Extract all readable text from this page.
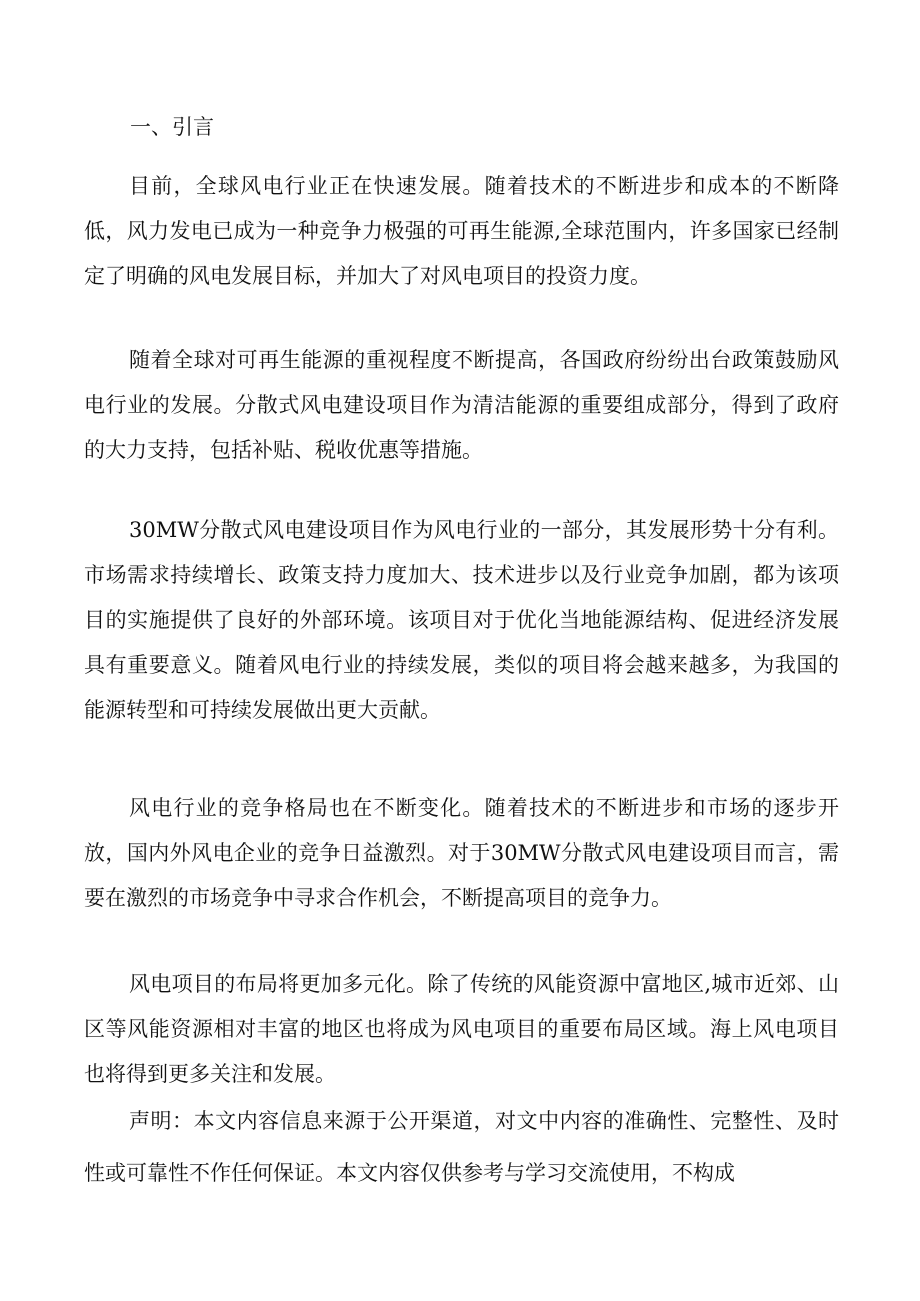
一、引言

目前，全球风电行业正在快速发展。随着技术的不断进步和成本的不断降低，风力发电已成为一种竞争力极强的可再生能源,全球范围内，许多国家已经制定了明确的风电发展目标，并加大了对风电项目的投资力度。

随着全球对可再生能源的重视程度不断提高，各国政府纷纷出台政策鼓励风电行业的发展。分散式风电建设项目作为清洁能源的重要组成部分，得到了政府的大力支持，包括补贴、税收优惠等措施。

30MW分散式风电建设项目作为风电行业的一部分，其发展形势十分有利。市场需求持续增长、政策支持力度加大、技术进步以及行业竞争加剧，都为该项目的实施提供了良好的外部环境。该项目对于优化当地能源结构、促进经济发展具有重要意义。随着风电行业的持续发展，类似的项目将会越来越多，为我国的能源转型和可持续发展做出更大贡献。

风电行业的竞争格局也在不断变化。随着技术的不断进步和市场的逐步开放，国内外风电企业的竞争日益激烈。对于30MW分散式风电建设项目而言，需要在激烈的市场竞争中寻求合作机会，不断提高项目的竞争力。

风电项目的布局将更加多元化。除了传统的风能资源中富地区,城市近郊、山区等风能资源相对丰富的地区也将成为风电项目的重要布局区域。海上风电项目也将得到更多关注和发展。

声明：本文内容信息来源于公开渠道，对文中内容的准确性、完整性、及时性或可靠性不作任何保证。本文内容仅供参考与学习交流使用，不构成
